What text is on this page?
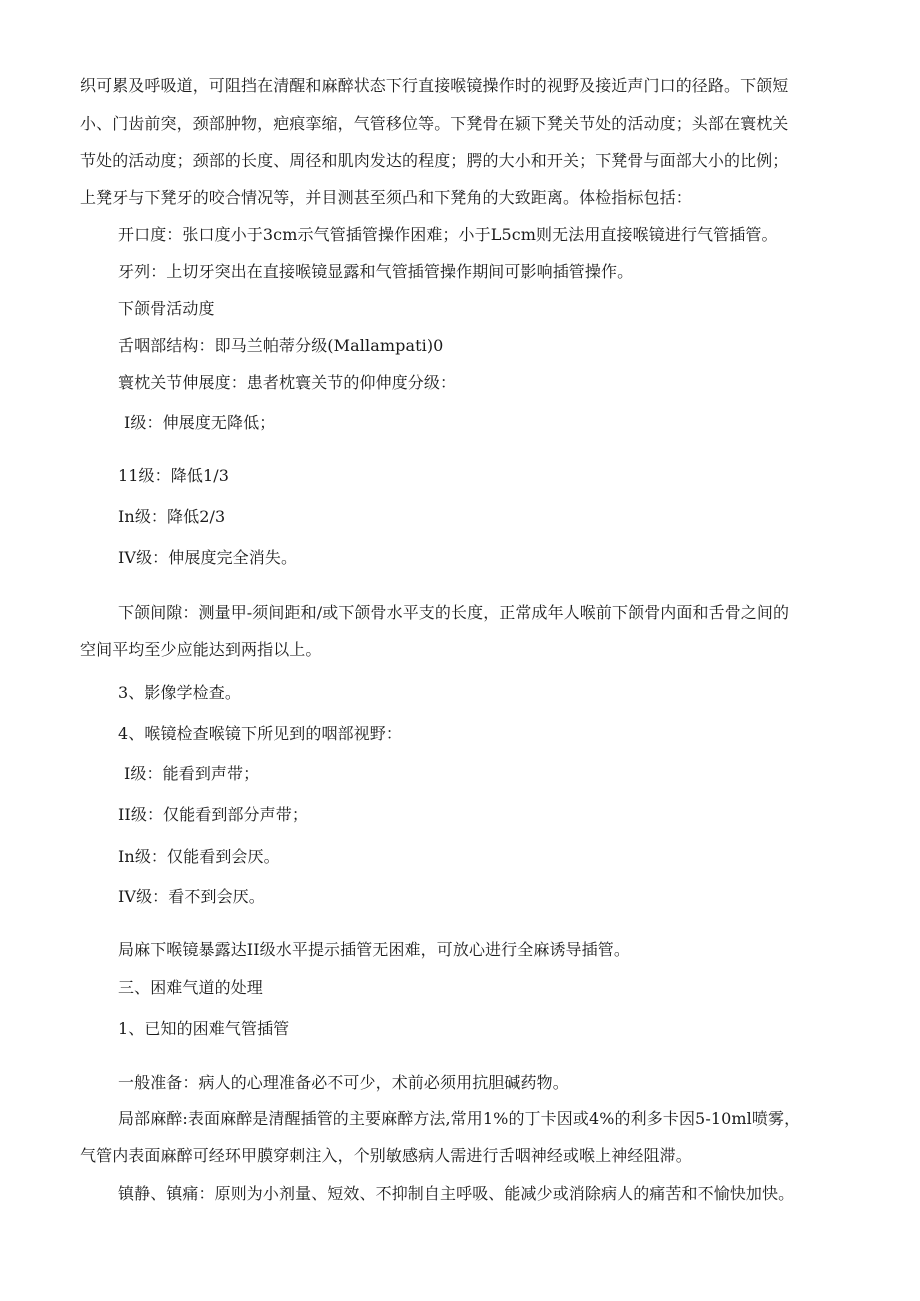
织可累及呼吸道，可阻挡在清醒和麻醉状态下行直接喉镜操作时的视野及接近声门口的径路。下颌短
小、门齿前突，颈部肿物，疤痕挛缩，气管移位等。下凳骨在颍下凳关节处的活动度；头部在寰枕关
节处的活动度；颈部的长度、周径和肌肉发达的程度；腭的大小和开关；下凳骨与面部大小的比例；
上凳牙与下凳牙的咬合情况等，并目测甚至须凸和下凳角的大致距离。体检指标包括：
开口度：张口度小于3cm示气管插管操作困难；小于L5cm则无法用直接喉镜进行气管插管。
牙列：上切牙突出在直接喉镜显露和气管插管操作期间可影响插管操作。
下颌骨活动度
舌咽部结构：即马兰帕蒂分级(Mallampati)0
寰枕关节伸展度：患者枕寰关节的仰伸度分级：
I级：伸展度无降低；
11级：降低1/3
In级：降低2/3
IV级：伸展度完全消失。
下颌间隙：测量甲-须间距和/或下颌骨水平支的长度，正常成年人喉前下颌骨内面和舌骨之间的
空间平均至少应能达到两指以上。
3、影像学检查。
4、喉镜检查喉镜下所见到的咽部视野：
I级：能看到声带；
II级：仅能看到部分声带；
In级：仅能看到会厌。
IV级：看不到会厌。
局麻下喉镜暴露达II级水平提示插管无困难，可放心进行全麻诱导插管。
三、困难气道的处理
1、已知的困难气管插管
一般准备：病人的心理准备必不可少，术前必须用抗胆碱药物。
局部麻醉:表面麻醉是清醒插管的主要麻醉方法,常用1%的丁卡因或4%的利多卡因5-10ml喷雾，
气管内表面麻醉可经环甲膜穿刺注入，个别敏感病人需进行舌咽神经或喉上神经阻滞。
镇静、镇痛：原则为小剂量、短效、不抑制自主呼吸、能减少或消除病人的痛苦和不愉快加快。
